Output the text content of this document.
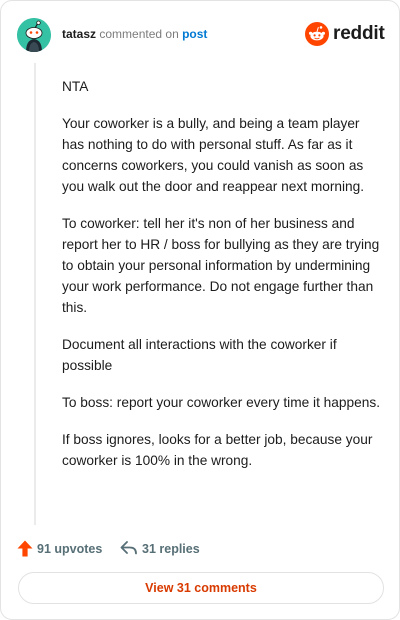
tatasz commented on post	reddit

NTA

Your coworker is a bully, and being a team player has nothing to do with personal stuff. As far as it concerns coworkers, you could vanish as soon as you walk out the door and reappear next morning.

To coworker: tell her it's non of her business and report her to HR / boss for bullying as they are trying to obtain your personal information by undermining your work performance. Do not engage further than this.

Document all interactions with the coworker if possible

To boss: report your coworker every time it happens.

If boss ignores, looks for a better job, because your coworker is 100% in the wrong.

91 upvotes	31 replies
View 31 comments
